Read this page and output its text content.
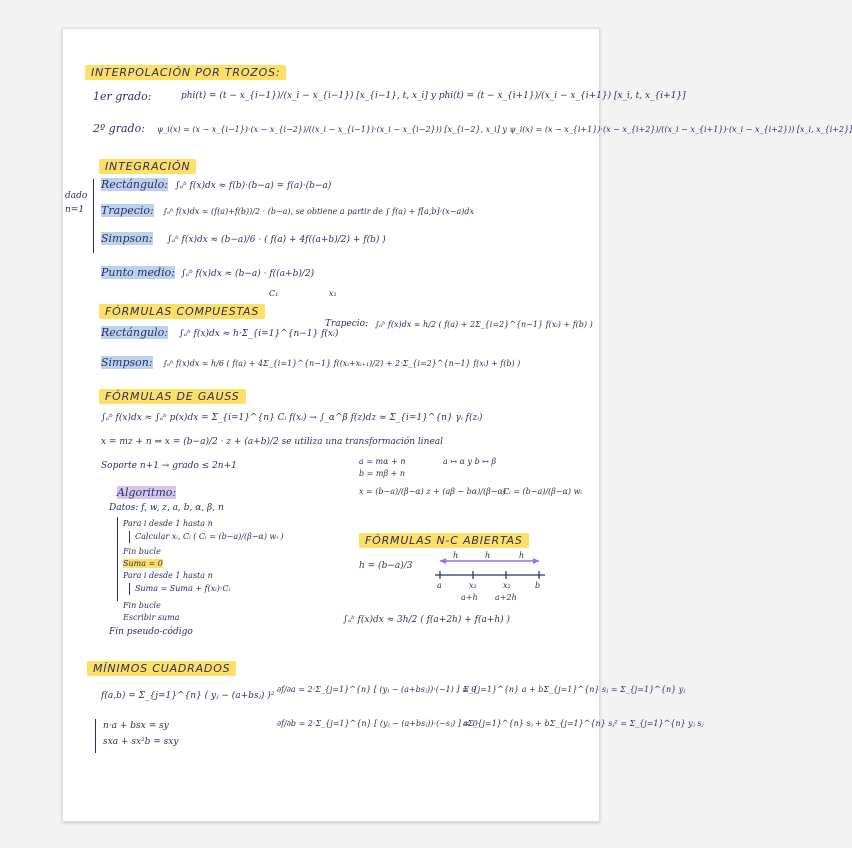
INTERPOLACIÓN POR TROZOS:
1er grado:	phi(t) = (t − x_{i−1})/(x_i − x_{i−1}) [x_{i−1}, t, x_i] y phi(t) = (t − x_{i+1})/(x_i − x_{i+1}) [x_i, t, x_{i+1}]
2º grado: ψ_i(x) = (x − x_{i−1})·(x − x_{i−2})/((x_i − x_{i−1})·(x_i − x_{i−2})) [x_{i−2}, x_i] y ψ_i(x) = (x − x_{i+1})·(x − x_{i+2})/((x_i − x_{i+1})·(x_i − x_{i+2})) [x_i, x_{i+2}]
INTEGRACIÓN
dado
n=1
Rectángulo: ∫ₐᵇ f(x)dx ≈ f(b)·(b−a) = f(a)·(b−a)
Trapecio: ∫ₐᵇ f(x)dx ≈ (f(a)+f(b))/2 · (b−a), se obtiene a partir de ∫ f(a) + f[a,b]·(x−a)dx
Simpson: ∫ₐᵇ f(x)dx ≈ (b−a)/6 · ( f(a) + 4f((a+b)/2) + f(b) )
Punto medio: ∫ₐᵇ f(x)dx ≈ (b−a) · f((a+b)/2)
C₁	x₁
FÓRMULAS COMPUESTAS
Rectángulo: ∫ₐᵇ f(x)dx ≈ h·Σ_{i=1}^{n−1} f(xᵢ)
Trapecio: ∫ₐᵇ f(x)dx ≈ h/2 ( f(a) + 2Σ_{i=2}^{n−1} f(xᵢ) + f(b) )
Simpson: ∫ₐᵇ f(x)dx ≈ h/6 ( f(a) + 4Σ_{i=1}^{n−1} f((xᵢ+xᵢ₊₁)/2) + 2·Σ_{i=2}^{n−1} f(xᵢ) + f(b) )
FÓRMULAS DE GAUSS
∫ₐᵇ f(x)dx ≈ ∫ₐᵇ p(x)dx = Σ_{i=1}^{n} Cᵢ f(xᵢ) → ∫_α^β f(z)dz ≈ Σ_{i=1}^{n} γᵢ f(zᵢ)
x = mz + n ⇒ x = (b−a)/2 · z + (a+b)/2 se utiliza una transformación lineal
Soporte n+1 → grado ≤ 2n+1	a = mα + n
b = mβ + n
a ↦ α y b ↦ β
x = (b−a)/(β−α) z + (aβ − bα)/(β−α)
Cᵢ = (b−a)/(β−α) wᵢ
Algoritmo:
Datos: f, w, z, a, b, α, β, n
Para i desde 1 hasta n
Calcular xᵢ, Cᵢ ( Cᵢ = (b−a)/(β−α) wᵢ )
Fin bucle
Suma = 0
Para i desde 1 hasta n
Suma = Suma + f(xᵢ)·Cᵢ
Fin bucle
Escribir suma
Fin pseudo-código
FÓRMULAS N-C ABIERTAS
h = (b−a)/3
h	h	h
a	x₁	x₂	b
a+h a+2h
∫ₐᵇ f(x)dx ≈ 3h/2 ( f(a+2h) + f(a+h) )
MÍNIMOS CUADRADOS
f(a,b) = Σ_{j=1}^{n} ( yⱼ − (a+bsⱼ) )²
∂f/∂a = 2·Σ_{j=1}^{n} [ (yⱼ − (a+bsⱼ))·(−1) ] = 0
∂f/∂b = 2·Σ_{j=1}^{n} [ (yⱼ − (a+bsⱼ))·(−sⱼ) ] = 0
Σ_{j=1}^{n} a + bΣ_{j=1}^{n} sⱼ = Σ_{j=1}^{n} yⱼ
aΣ_{j=1}^{n} sⱼ + bΣ_{j=1}^{n} sⱼ² = Σ_{j=1}^{n} yⱼ sⱼ
n·a + bsx = sy
sxa + sx²b = sxy
